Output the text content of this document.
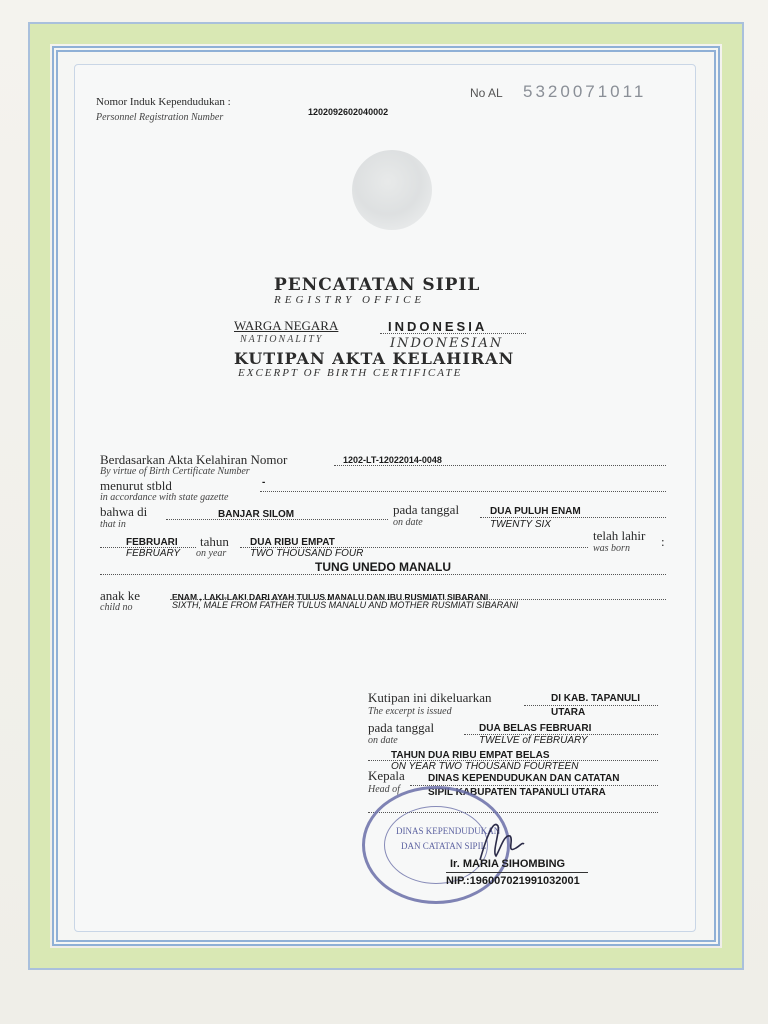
No AL 5320071011
Nomor Induk Kependudukan :
Personnel Registration Number	1202092602040002
PENCATATAN SIPIL
REGISTRY OFFICE
WARGA NEGARA
NATIONALITY
INDONESIA
INDONESIAN
KUTIPAN AKTA KELAHIRAN
EXCERPT OF BIRTH CERTIFICATE
Berdasarkan Akta Kelahiran Nomor
By virtue of Birth Certificate Number
1202-LT-12022014-0048
menurut stbld
in accordance with state gazette
-
bahwa di
that in
BANJAR SILOM	pada tanggal
on date
DUA PULUH ENAM
TWENTY SIX
FEBRUARI
FEBRUARY
tahun
on year
DUA RIBU EMPAT
TWO THOUSAND FOUR
telah lahir
was born :
TUNG UNEDO MANALU
anak ke
child no
ENAM , LAKI-LAKI DARI AYAH TULUS MANALU DAN IBU RUSMIATI SIBARANI
SIXTH, MALE FROM FATHER TULUS MANALU AND MOTHER RUSMIATI SIBARANI
Kutipan ini dikeluarkan
The excerpt is issued
DI KAB. TAPANULI
UTARA
pada tanggal
on date
DUA BELAS FEBRUARI
TWELVE of FEBRUARY
TAHUN DUA RIBU EMPAT BELAS
ON YEAR TWO THOUSAND FOURTEEN
Kepala
Head of
DINAS KEPENDUDUKAN DAN CATATAN
SIPIL KABUPATEN TAPANULI UTARA
DINAS KEPENDUDUKAN
DAN CATATAN SIPIL
Ir. MARIA SIHOMBING
NIP.:196007021991032001
